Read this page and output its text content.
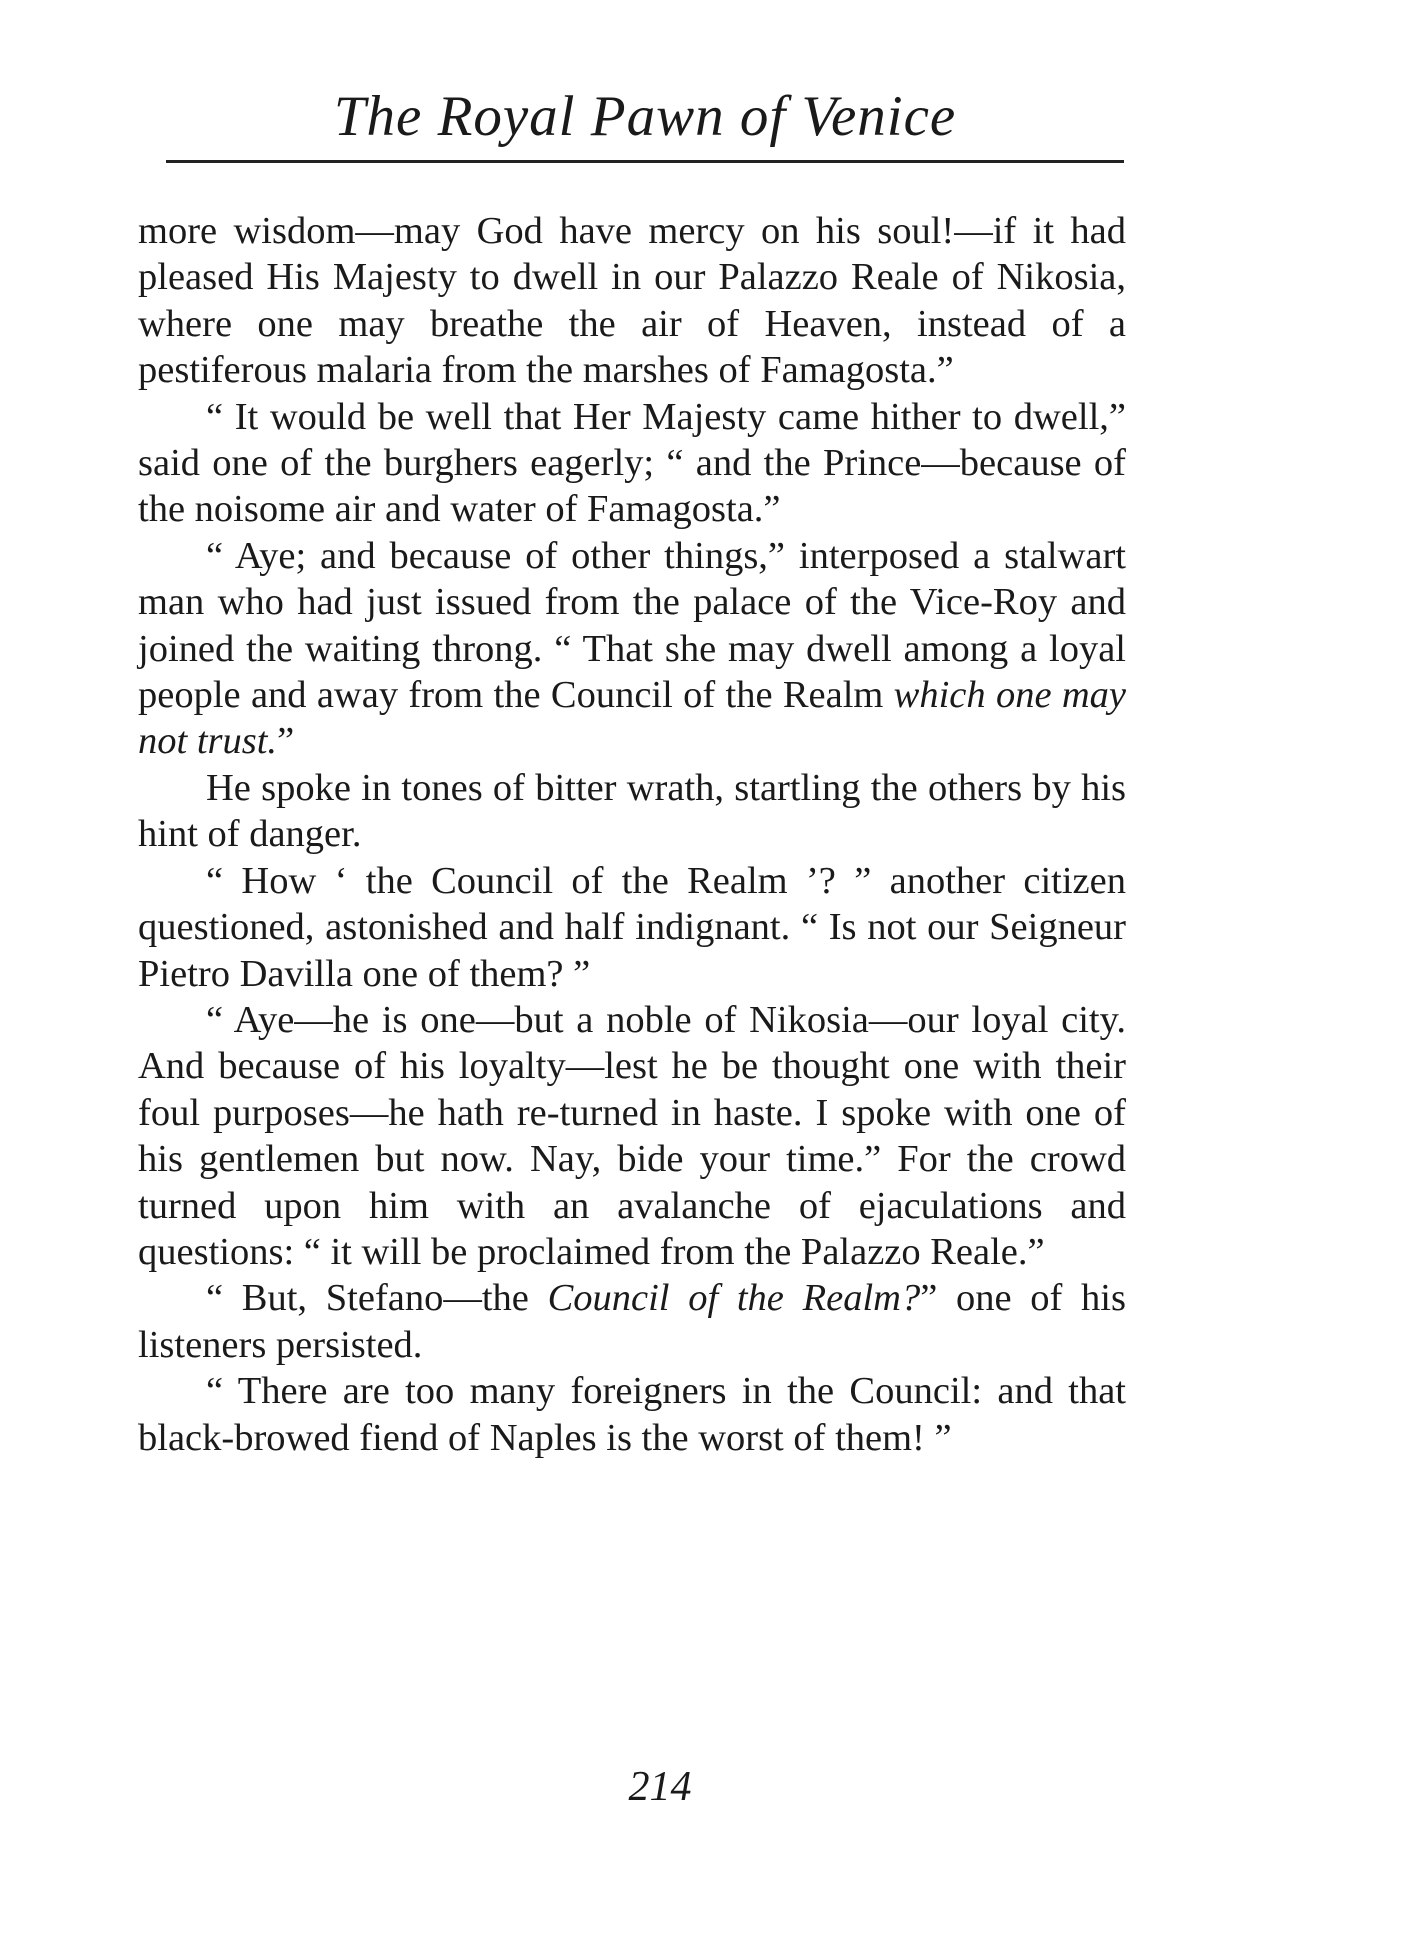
The Royal Pawn of Venice

more wisdom—may God have mercy on his soul!—if it had pleased His Majesty to dwell in our Palazzo Reale of Nikosia, where one may breathe the air of Heaven, instead of a pestiferous malaria from the marshes of Famagosta.”

“ It would be well that Her Majesty came hither to dwell,” said one of the burghers eagerly; “ and the Prince—because of the noisome air and water of Famagosta.”

“ Aye; and because of other things,” interposed a stalwart man who had just issued from the palace of the Vice-Roy and joined the waiting throng. “ That she may dwell among a loyal people and away from the Council of the Realm which one may not trust.”

He spoke in tones of bitter wrath, startling the others by his hint of danger.

“ How ‘ the Council of the Realm ’? ” another citizen questioned, astonished and half indignant. “ Is not our Seigneur Pietro Davilla one of them? ”

“ Aye—he is one—but a noble of Nikosia—our loyal city. And because of his loyalty—lest he be thought one with their foul purposes—he hath re-turned in haste. I spoke with one of his gentlemen but now. Nay, bide your time.” For the crowd turned upon him with an avalanche of ejaculations and questions: “ it will be proclaimed from the Palazzo Reale.”

“ But, Stefano—the Council of the Realm?” one of his listeners persisted.

“ There are too many foreigners in the Council: and that black-browed fiend of Naples is the worst of them! ”

214
